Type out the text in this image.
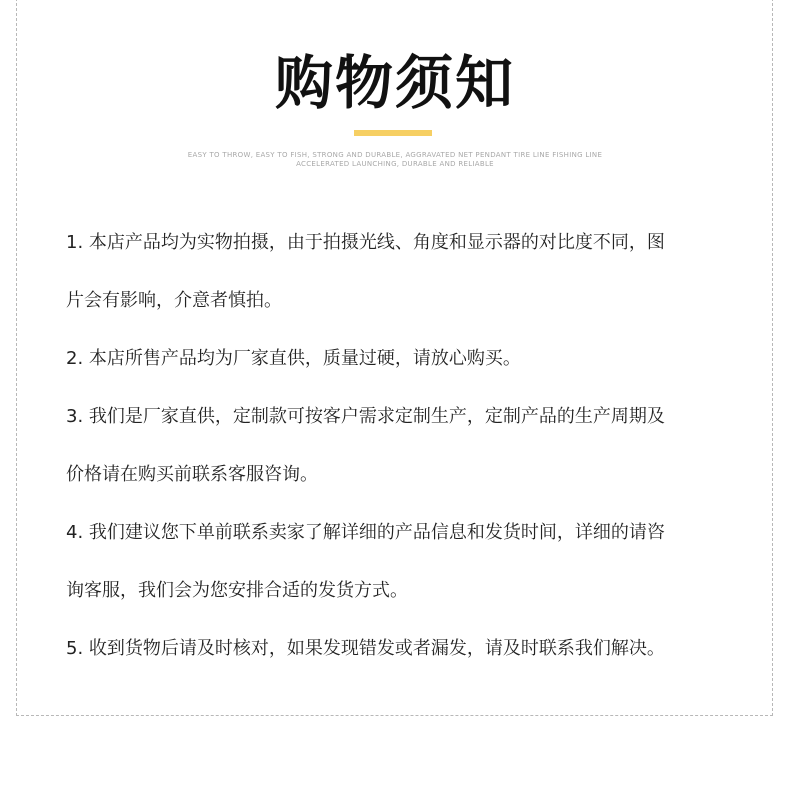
购物须知
EASY TO THROW, EASY TO FISH, STRONG AND DURABLE, AGGRAVATED NET PENDANT TIRE LINE FISHING LINE
ACCELERATED LAUNCHING, DURABLE AND RELIABLE
1. 本店产品均为实物拍摄，由于拍摄光线、角度和显示器的对比度不同，图
片会有影响，介意者慎拍。
2. 本店所售产品均为厂家直供，质量过硬，请放心购买。
3. 我们是厂家直供，定制款可按客户需求定制生产，定制产品的生产周期及
价格请在购买前联系客服咨询。
4. 我们建议您下单前联系卖家了解详细的产品信息和发货时间，详细的请咨
询客服，我们会为您安排合适的发货方式。
5. 收到货物后请及时核对，如果发现错发或者漏发，请及时联系我们解决。
